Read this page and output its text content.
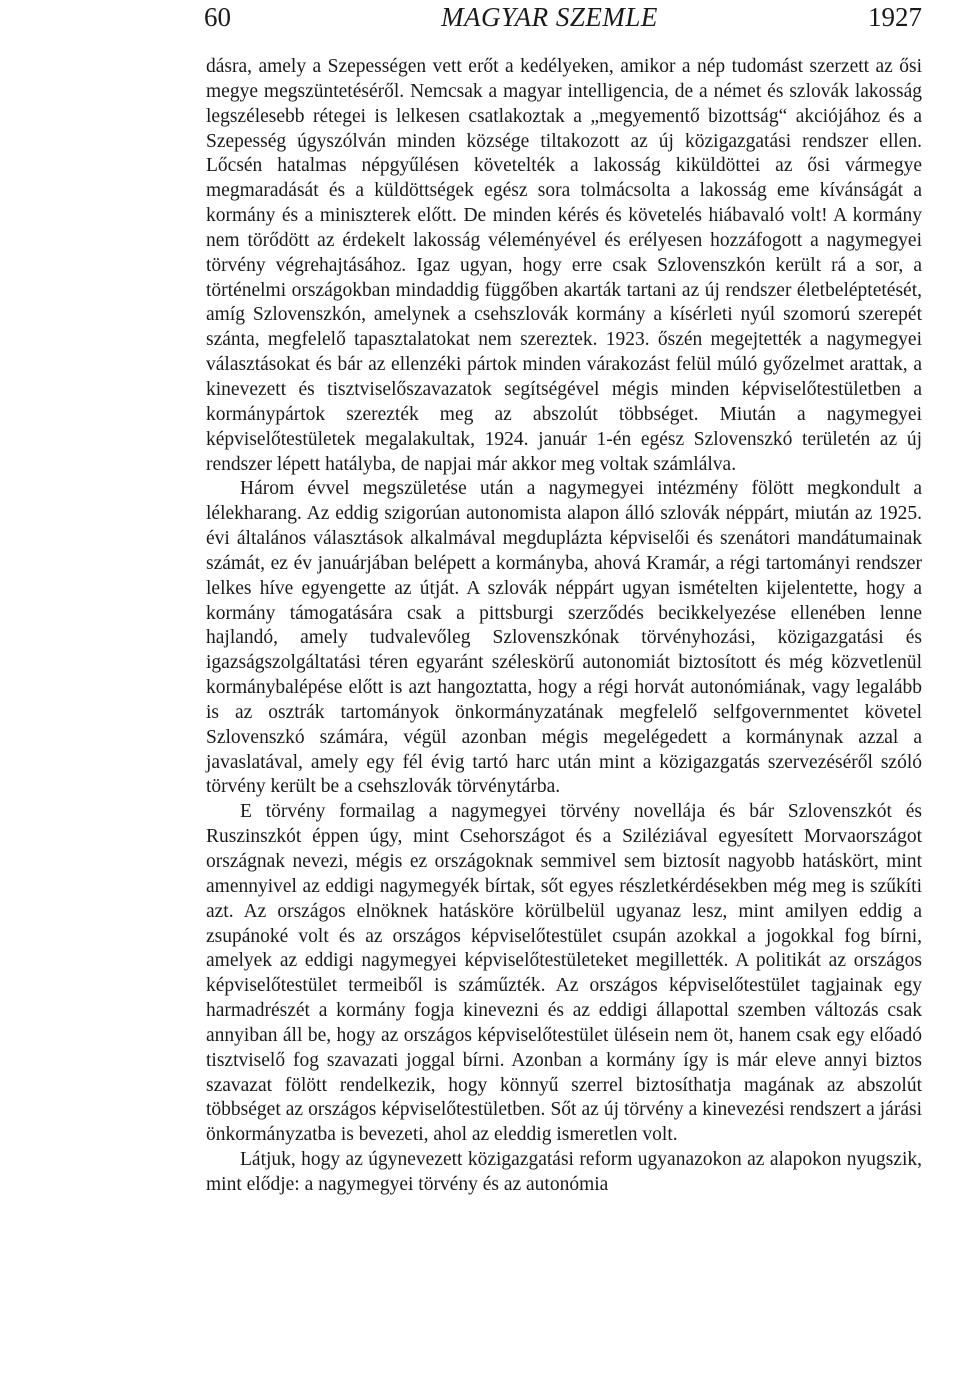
60	MAGYAR SZEMLE	1927

dásra, amely a Szepességen vett erőt a kedélyeken, amikor a nép tudomást szerzett az ősi megye megszüntetéséről. Nemcsak a magyar intelligencia, de a német és szlovák lakosság legszélesebb rétegei is lelkesen csatlakoztak a „megyementő bizottság“ akciójához és a Szepesség úgyszólván minden községe tiltakozott az új közigazgatási rendszer ellen. Lőcsén hatalmas népgyűlésen követelték a lakosság kiküldöttei az ősi vármegye megmaradását és a küldöttségek egész sora tolmácsolta a lakosság eme kívánságát a kormány és a miniszterek előtt. De minden kérés és követelés hiábavaló volt! A kormány nem törődött az érdekelt lakosság véleményével és erélyesen hozzáfogott a nagymegyei törvény végrehajtásához. Igaz ugyan, hogy erre csak Szlovenszkón került rá a sor, a történelmi országokban mindaddig függőben akarták tartani az új rendszer életbeléptetését, amíg Szlovenszkón, amelynek a csehszlovák kormány a kísérleti nyúl szomorú szerepét szánta, megfelelő tapasztalatokat nem szereztek. 1923. őszén megejtették a nagymegyei választásokat és bár az ellenzéki pártok minden várakozást felül múló győzelmet arattak, a kinevezett és tisztviselőszavazatok segítségével mégis minden képviselőtestületben a kormánypártok szerezték meg az abszolút többséget. Miután a nagymegyei képviselőtestületek megalakultak, 1924. január 1-én egész Szlovenszkó területén az új rendszer lépett hatályba, de napjai már akkor meg voltak számlálva.

Három évvel megszületése után a nagymegyei intézmény fölött megkondult a lélekharang. Az eddig szigorúan autonomista alapon álló szlovák néppárt, miután az 1925. évi általános választások alkalmával megduplázta képviselői és szenátori mandátumainak számát, ez év januárjában belépett a kormányba, ahová Kramár, a régi tartományi rendszer lelkes híve egyengette az útját. A szlovák néppárt ugyan ismételten kijelentette, hogy a kormány támogatására csak a pittsburgi szerződés becikkelyezése ellenében lenne hajlandó, amely tudvalevőleg Szlovenszkónak törvényhozási, közigazgatási és igazságszolgáltatási téren egyaránt széleskörű autonomiát biztosított és még közvetlenül kormánybalépése előtt is azt hangoztatta, hogy a régi horvát autonómiának, vagy legalább is az osztrák tartományok önkormányzatának megfelelő selfgovernmentet követel Szlovenszkó számára, végül azonban mégis megelégedett a kormánynak azzal a javaslatával, amely egy fél évig tartó harc után mint a közigazgatás szervezéséről szóló törvény került be a csehszlovák törvénytárba.

E törvény formailag a nagymegyei törvény novellája és bár Szlovenszkót és Ruszinszkót éppen úgy, mint Csehországot és a Sziléziával egyesített Morvaországot országnak nevezi, mégis ez országoknak semmivel sem biztosít nagyobb hatáskört, mint amennyivel az eddigi nagymegyék bírtak, sőt egyes részletkérdésekben még meg is szűkíti azt. Az országos elnöknek hatásköre körülbelül ugyanaz lesz, mint amilyen eddig a zsupánoké volt és az országos képviselőtestület csupán azokkal a jogokkal fog bírni, amelyek az eddigi nagymegyei képviselőtestületeket megillették. A politikát az országos képviselőtestület termeiből is száműzték. Az országos képviselőtestület tagjainak egy harmadrészét a kormány fogja kinevezni és az eddigi állapottal szemben változás csak annyiban áll be, hogy az országos képviselőtestület ülésein nem öt, hanem csak egy előadó tisztviselő fog szavazati joggal bírni. Azonban a kormány így is már eleve annyi biztos szavazat fölött rendelkezik, hogy könnyű szerrel biztosíthatja magának az abszolút többséget az országos képviselőtestületben. Sőt az új törvény a kinevezési rendszert a járási önkormányzatba is bevezeti, ahol az eleddig ismeretlen volt.

Látjuk, hogy az úgynevezett közigazgatási reform ugyanazokon az alapokon nyugszik, mint elődje: a nagymegyei törvény és az autonómia
